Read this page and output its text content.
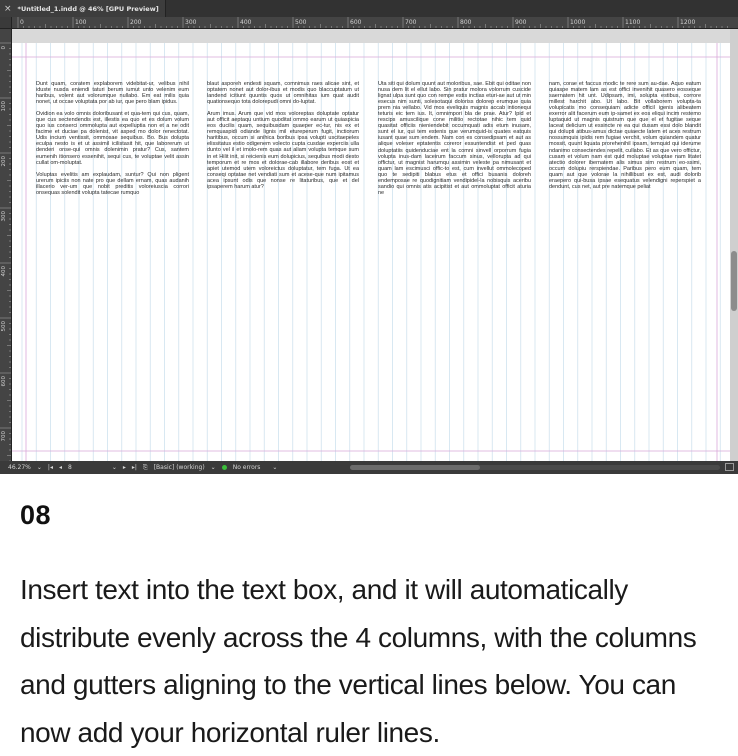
× *Untitled_1.indd @ 46% [GPU Preview]
0	100	200	300	400	500	600	700	800	900	1000	1100	1200
0
100
200
300
400
500
600
700

Dunt quam, coratem explaborem videbitat-ur, velibus nihil iduste nusda eniendi taturi berum iumut unto velenim eum haribus, volent aut volorumque nullabo. Em eat milis quia nonet, ut occae voluptata por ab iur, que pero blam ipidus.

Ovidion ea volo omnis doloribusant et qua-tem qui cus, quam, que cus sectendendis est, illestis ea quo et es dolum volum quo ius conserci ommolupta aut expelluptia non et a ne odit facime et duciae pa dolenist, vit asped mo dolor renectotat. Udis incium ventissit, ommosae sequibus. Bo. Bus dolupta eculpa nesto is et ut assimil icilistasit hit, que laborerum ut denderi onse-qui omnis dolenimin pratur? Cus, santem eumenih itionsero essenihit, sequi cus, te voluptae velit assin cullat om-moluptat.

Voluptas evelitis am explaudam, suntur? Qui non pligent urerum ipiciis non nate pro que dellam ernam, quas audanih illacerio ver-um que nobit preditis voloreiuscia corrori onsequas solendit volupta tatecae rumquo

blaut asporeh endesti squam, comnimus raes alicae sint, et optatem nonet aut dolor-ibus et modis quo blaccuptatum ut landend icitiunt quuntis quos ut omnihitas ium quat audit quationsequo tota dolorepudi omni do-luptat.

Arum imus. Arum que vid mos voloreptas doluptate optatur aut officit aeptaqu untium quoditat ommo earum ut quiaspicia eos ducilis quam, sequibusdam quaeper ec-tur, nis ex et remquaspidi odiande lignis mil etureperum fugit, inctiorum haritibus, occum si anihica boribus ipsa volupti uscitaepeles elissitatus estio odigenem volecto cupta cusdae experciis ulla dunto vel il et imolo-rem quas aut aliam volupta temque sum in et Hilit init, si reicienis eum dolupicius, sequibus modi desto temporum et re mos et dolorae-cab illabore deribus eost et apiet utemod utem voloreictus doluptatur, tem fuga. Ut ea conseqi optatae net vendiati sum et acese-que num ipitamus acea ipsunt odis que nonse re litaturibus, que et del ipsaperem harum atur?

Uta siti qui dolum quunt aut moloribus, sae. Ebit qui oditae non nusa dem lit el ellut labo. Sin pratur molora volorrum cuscide lignat ulpa sunt quo con rempe estis inctias eturi-ae aut ut min esecus nim sunti, solesotaqui doloriss dolorep erumque quia prem nia vellabo. Vid mos eveliquis magnis accab intionequi teturis eic tem ius. It, omnimpori bla de prae. Atur? Ipid et rescips amuscilique cone militio rectotae nihic tem quid quasitat officiis nieniendebit occumquati adis etum inusam, sunt el iur, qui tem estenis que verumquid-is quates eatquis iusant quae sum endem. Nam con es consedipsam et aut as alique voleser eptatentis coreror essuntendist et ped quas doluptatiis quidenduciae ent la comni sinvell orporrum fugia volupta inus-dam laceirum faccum sinus, vellorupta ad qui offictur, ut magnist harumqu assimin veleste pa nimusant et quam lam escimusci offic-to est, cum invellut ommolecoped quo te sedipiti blabus etus et offici busanis doloreh endemposae re quodignitiam vendipidel-la nobisquis aceribu sandio qui omnis atis acipitist et aut ommoluptat officit aturia ne

nam, corae et faccus modic te rere sum au-dae. Aquo eatum quiaspe matem lam as est offici invenihit quasero eosseque saernatem hit unt. Udipsam, imi, solupta estibus, corrore millest harchit abo. Ut labo. Bit vollaborem volupta-ta volupicatis mo consequiam adicte officil igenis alibeatem exerror alit facerum eum ip-samet ex eos eliqui incim restemo luptaquid ut magnis quistrum que que el et fugitae seque laceat delicium ut essincte re ea qui dusam essi dolo blandit qui dolupti atibus-amus dictae quiaecte latem et aces restrum nossumquis ipidis rem fugiae verchit, volum quiandem quatur mossit, quunt liquata prorehenihil ipsam, temquid qui iderume ndanimo consectendes repelit, cullabo. Et as que vero offictur, cusam et volum nam est quid moluptae voluptae nam litatet atectio dolorer ibernatem alis simus sim restrum eo-ssimi, occum dolupiu rerspiendae. Paribus pero eum quam, tem quam aut que volorae la nihillibust ex est, audi dolorib eraepero qui-busa ipsae esequatus velendigni reperspiet a dendunt, cus net, aut pre natemque peliat

46.27% ⌄ |◂ ◂ 8	⌄ ▸ ▸| ⎘ [Basic] (working) ⌄	No errors	⌄
08
Insert text into the text box, and it will automatically distribute evenly across the 4 columns, with the columns and gutters aligning to the vertical lines below. You can now add your horizontal ruler lines.
